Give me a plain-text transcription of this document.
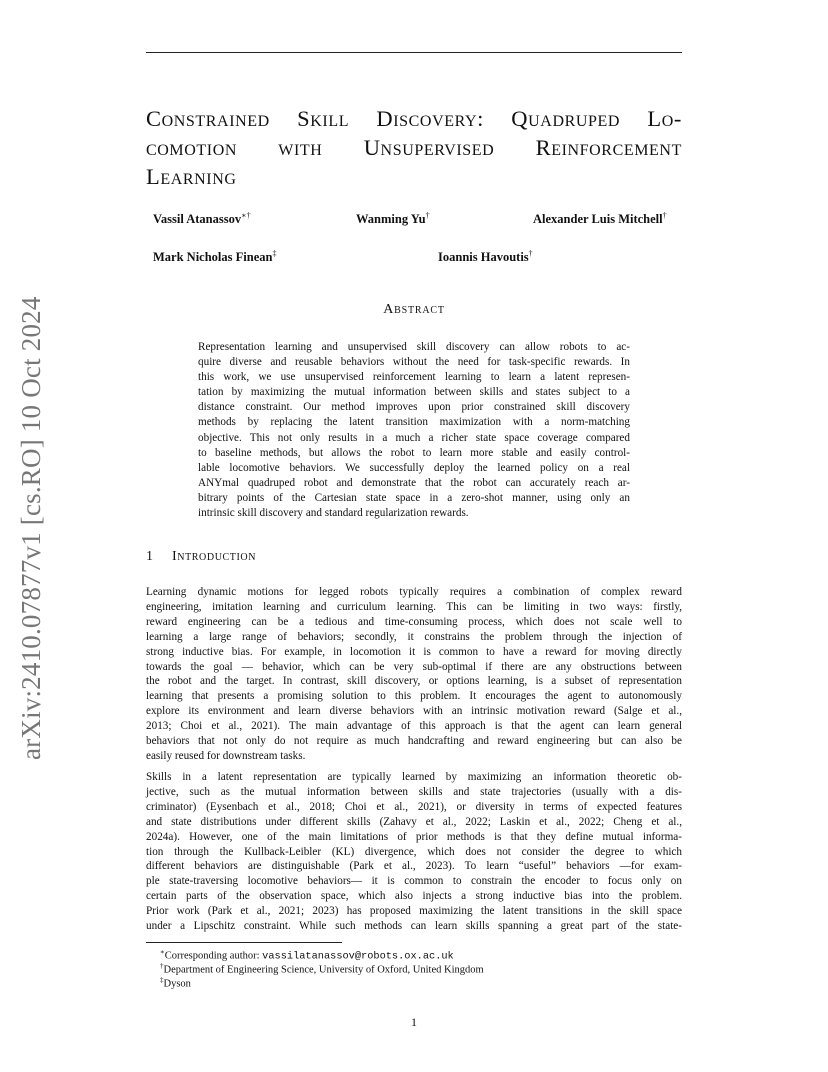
arXiv:2410.07877v1 [cs.RO] 10 Oct 2024
Constrained Skill Discovery: Quadruped Lo-
comotion with Unsupervised Reinforcement
Learning
Vassil Atanassov∗†	Wanming Yu†	Alexander Luis Mitchell†
Mark Nicholas Finean‡	Ioannis Havoutis†
Abstract
Representation learning and unsupervised skill discovery can allow robots to ac-
quire diverse and reusable behaviors without the need for task-specific rewards. In
this work, we use unsupervised reinforcement learning to learn a latent represen-
tation by maximizing the mutual information between skills and states subject to a
distance constraint. Our method improves upon prior constrained skill discovery
methods by replacing the latent transition maximization with a norm-matching
objective. This not only results in a much a richer state space coverage compared
to baseline methods, but allows the robot to learn more stable and easily control-
lable locomotive behaviors. We successfully deploy the learned policy on a real
ANYmal quadruped robot and demonstrate that the robot can accurately reach ar-
bitrary points of the Cartesian state space in a zero-shot manner, using only an
intrinsic skill discovery and standard regularization rewards.
1 Introduction
Learning dynamic motions for legged robots typically requires a combination of complex reward
engineering, imitation learning and curriculum learning. This can be limiting in two ways: firstly,
reward engineering can be a tedious and time-consuming process, which does not scale well to
learning a large range of behaviors; secondly, it constrains the problem through the injection of
strong inductive bias. For example, in locomotion it is common to have a reward for moving directly
towards the goal — behavior, which can be very sub-optimal if there are any obstructions between
the robot and the target. In contrast, skill discovery, or options learning, is a subset of representation
learning that presents a promising solution to this problem. It encourages the agent to autonomously
explore its environment and learn diverse behaviors with an intrinsic motivation reward (Salge et al.,
2013; Choi et al., 2021). The main advantage of this approach is that the agent can learn general
behaviors that not only do not require as much handcrafting and reward engineering but can also be
easily reused for downstream tasks.
Skills in a latent representation are typically learned by maximizing an information theoretic ob-
jective, such as the mutual information between skills and state trajectories (usually with a dis-
criminator) (Eysenbach et al., 2018; Choi et al., 2021), or diversity in terms of expected features
and state distributions under different skills (Zahavy et al., 2022; Laskin et al., 2022; Cheng et al.,
2024a). However, one of the main limitations of prior methods is that they define mutual informa-
tion through the Kullback-Leibler (KL) divergence, which does not consider the degree to which
different behaviors are distinguishable (Park et al., 2023). To learn “useful” behaviors —for exam-
ple state-traversing locomotive behaviors— it is common to constrain the encoder to focus only on
certain parts of the observation space, which also injects a strong inductive bias into the problem.
Prior work (Park et al., 2021; 2023) has proposed maximizing the latent transitions in the skill space
under a Lipschitz constraint. While such methods can learn skills spanning a great part of the state-
∗Corresponding author: vassilatanassov@robots.ox.ac.uk
†Department of Engineering Science, University of Oxford, United Kingdom
‡Dyson
1
